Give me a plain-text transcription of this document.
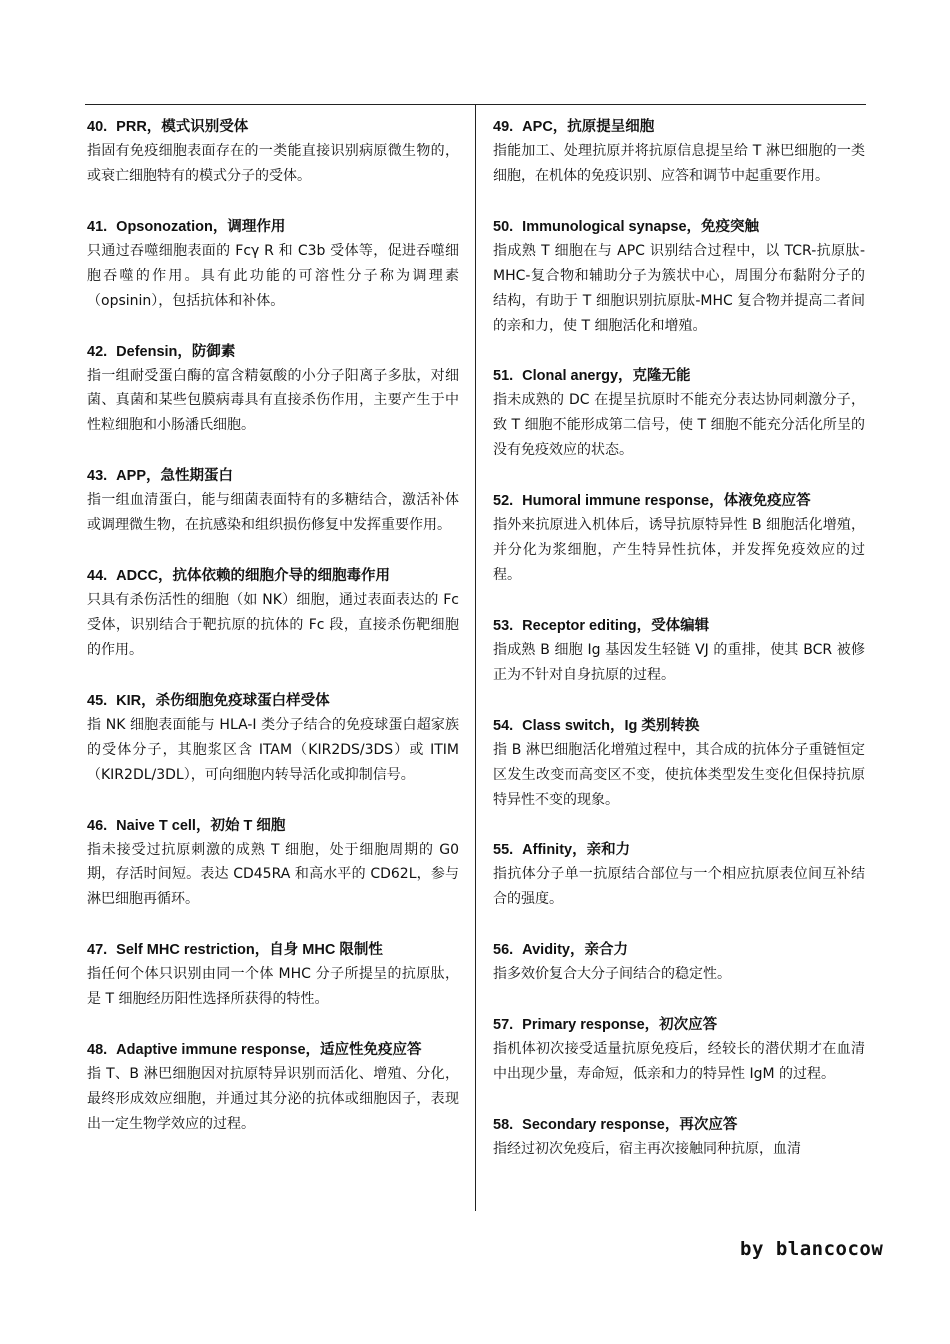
40. PRR，模式识别受体

指固有免疫细胞表面存在的一类能直接识别病原微生物的，或衰亡细胞特有的模式分子的受体。

41. Opsonozation，调理作用

只通过吞噬细胞表面的 Fcγ R 和 C3b 受体等，促进吞噬细胞吞噬的作用。具有此功能的可溶性分子称为调理素（opsinin），包括抗体和补体。

42. Defensin，防御素

指一组耐受蛋白酶的富含精氨酸的小分子阳离子多肽，对细菌、真菌和某些包膜病毒具有直接杀伤作用，主要产生于中性粒细胞和小肠潘氏细胞。

43. APP，急性期蛋白

指一组血清蛋白，能与细菌表面特有的多糖结合，激活补体或调理微生物，在抗感染和组织损伤修复中发挥重要作用。

44. ADCC，抗体依赖的细胞介导的细胞毒作用

只具有杀伤活性的细胞（如 NK）细胞，通过表面表达的 Fc 受体，识别结合于靶抗原的抗体的 Fc 段，直接杀伤靶细胞的作用。

45. KIR，杀伤细胞免疫球蛋白样受体

指 NK 细胞表面能与 HLA-I 类分子结合的免疫球蛋白超家族的受体分子，其胞浆区含 ITAM（KIR2DS/3DS）或 ITIM（KIR2DL/3DL），可向细胞内转导活化或抑制信号。

46. Naive T cell，初始 T 细胞

指未接受过抗原刺激的成熟 T 细胞，处于细胞周期的 G0 期，存活时间短。表达 CD45RA 和高水平的 CD62L，参与淋巴细胞再循环。

47. Self MHC restriction，自身 MHC 限制性

指任何个体只识别由同一个体 MHC 分子所提呈的抗原肽，是 T 细胞经历阳性选择所获得的特性。

48. Adaptive immune response，适应性免疫应答

指 T、B 淋巴细胞因对抗原特异识别而活化、增殖、分化，最终形成效应细胞，并通过其分泌的抗体或细胞因子，表现出一定生物学效应的过程。

49. APC，抗原提呈细胞

指能加工、处理抗原并将抗原信息提呈给 T 淋巴细胞的一类细胞，在机体的免疫识别、应答和调节中起重要作用。

50. Immunological synapse，免疫突触

指成熟 T 细胞在与 APC 识别结合过程中，以 TCR-抗原肽-MHC-复合物和辅助分子为簇状中心，周围分布黏附分子的结构，有助于 T 细胞识别抗原肽-MHC 复合物并提高二者间的亲和力，使 T 细胞活化和增殖。

51. Clonal anergy，克隆无能

指未成熟的 DC 在提呈抗原时不能充分表达协同刺激分子，致 T 细胞不能形成第二信号，使 T 细胞不能充分活化所呈的没有免疫效应的状态。

52. Humoral immune response，体液免疫应答

指外来抗原进入机体后，诱导抗原特异性 B 细胞活化增殖，并分化为浆细胞，产生特异性抗体，并发挥免疫效应的过程。

53. Receptor editing，受体编辑

指成熟 B 细胞 Ig 基因发生轻链 VJ 的重排，使其 BCR 被修正为不针对自身抗原的过程。

54. Class switch，Ig 类别转换

指 B 淋巴细胞活化增殖过程中，其合成的抗体分子重链恒定区发生改变而高变区不变，使抗体类型发生变化但保持抗原特异性不变的现象。

55. Affinity，亲和力

指抗体分子单一抗原结合部位与一个相应抗原表位间互补结合的强度。

56. Avidity，亲合力

指多效价复合大分子间结合的稳定性。

57. Primary response，初次应答

指机体初次接受适量抗原免疫后，经较长的潜伏期才在血清中出现少量，寿命短，低亲和力的特异性 IgM 的过程。

58. Secondary response，再次应答

指经过初次免疫后，宿主再次接触同种抗原，血清

by blancocow
